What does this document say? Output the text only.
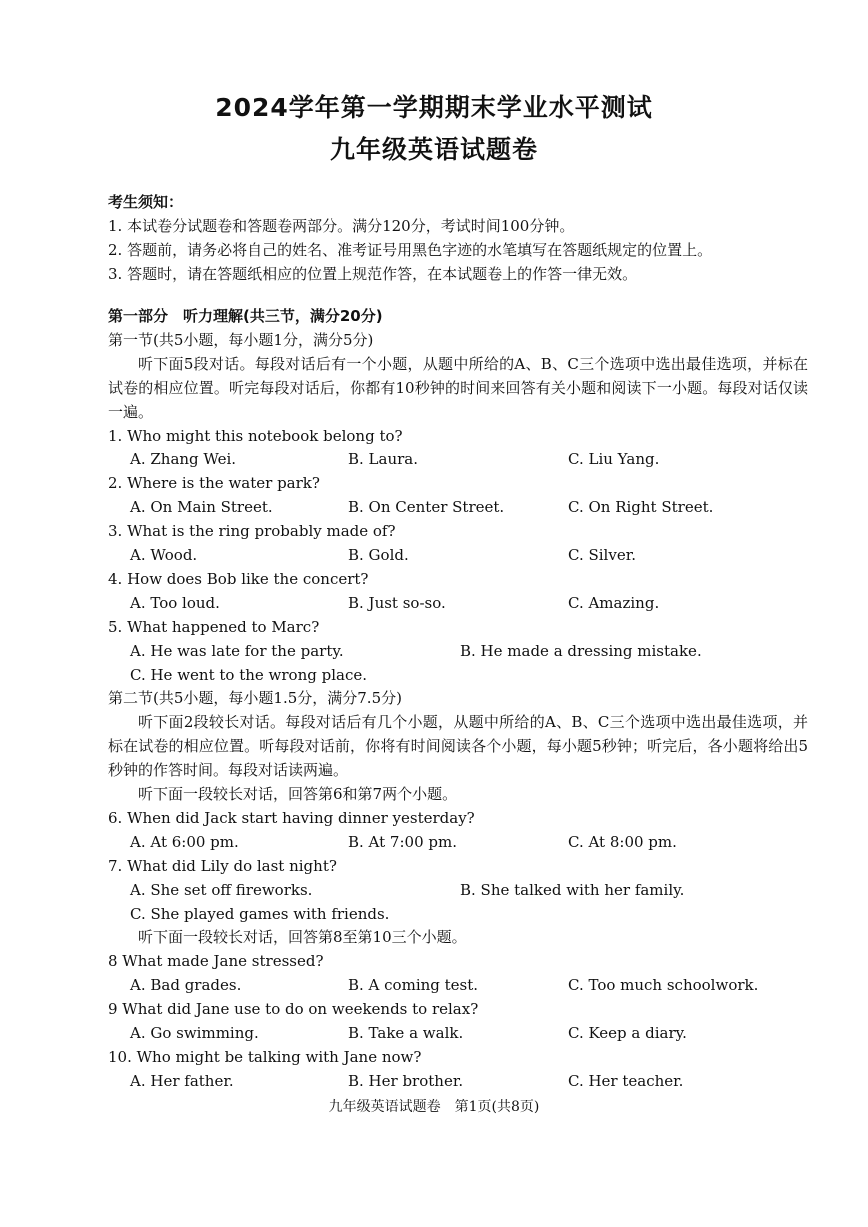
2024学年第一学期期末学业水平测试
九年级英语试题卷
考生须知：
1. 本试卷分试题卷和答题卷两部分。满分120分，考试时间100分钟。
2. 答题前，请务必将自己的姓名、准考证号用黑色字迹的水笔填写在答题纸规定的位置上。
3. 答题时，请在答题纸相应的位置上规范作答，在本试题卷上的作答一律无效。
第一部分　听力理解(共三节，满分20分)
第一节(共5小题，每小题1分，满分5分)
听下面5段对话。每段对话后有一个小题，从题中所给的A、B、C三个选项中选出最佳选项，并标在试卷的相应位置。听完每段对话后，你都有10秒钟的时间来回答有关小题和阅读下一小题。每段对话仅读一遍。
1. Who might this notebook belong to?
A. Zhang Wei.	B. Laura.	C. Liu Yang.
2. Where is the water park?
A. On Main Street.	B. On Center Street.	C. On Right Street.
3. What is the ring probably made of?
A. Wood.	B. Gold.	C. Silver.
4. How does Bob like the concert?
A. Too loud.	B. Just so-so.	C. Amazing.
5. What happened to Marc?
A. He was late for the party.	B. He made a dressing mistake.
C. He went to the wrong place.
第二节(共5小题，每小题1.5分，满分7.5分)
听下面2段较长对话。每段对话后有几个小题，从题中所给的A、B、C三个选项中选出最佳选项，并标在试卷的相应位置。听每段对话前，你将有时间阅读各个小题，每小题5秒钟；听完后，各小题将给出5秒钟的作答时间。每段对话读两遍。
听下面一段较长对话，回答第6和第7两个小题。
6. When did Jack start having dinner yesterday?
A. At 6:00 pm.	B. At 7:00 pm.	C. At 8:00 pm.
7. What did Lily do last night?
A. She set off fireworks.	B. She talked with her family.
C. She played games with friends.
听下面一段较长对话，回答第8至第10三个小题。
8 What made Jane stressed?
A. Bad grades.	B. A coming test.	C. Too much schoolwork.
9 What did Jane use to do on weekends to relax?
A. Go swimming.	B. Take a walk.	C. Keep a diary.
10. Who might be talking with Jane now?
A. Her father.	B. Her brother.	C. Her teacher.
九年级英语试题卷　第1页(共8页)
